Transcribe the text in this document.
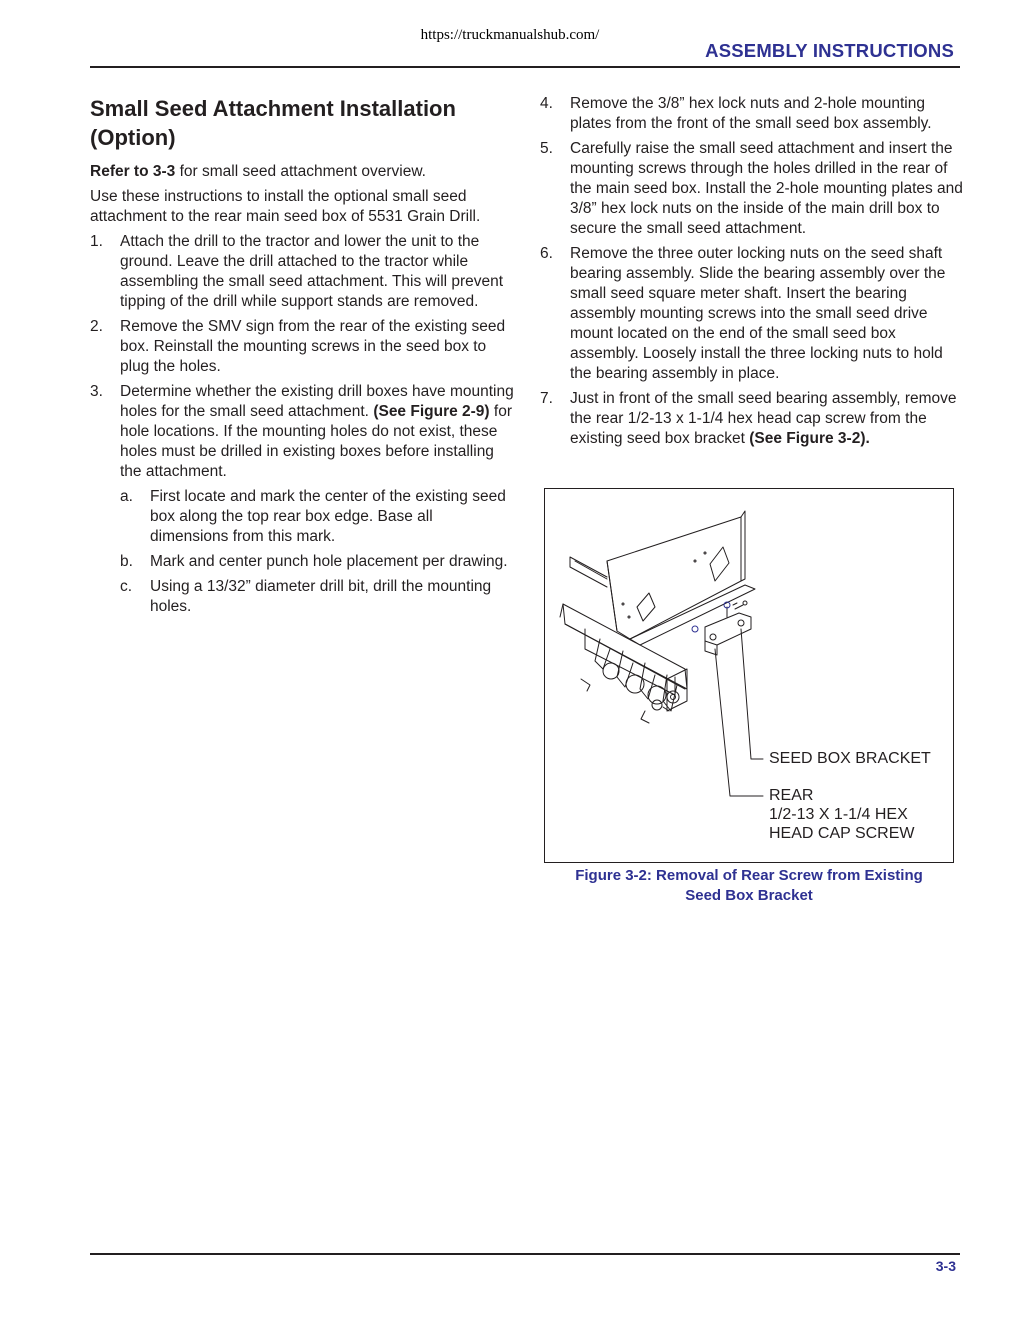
https://truckmanualshub.com/
ASSEMBLY INSTRUCTIONS
Small Seed Attachment Installation (Option)

Refer to 3-3 for small seed attachment overview.

Use these instructions to install the optional small seed attachment to the rear main seed box of 5531 Grain Drill.

1. Attach the drill to the tractor and lower the unit to the ground. Leave the drill attached to the tractor while assembling the small seed attachment. This will prevent tipping of the drill while support stands are removed.
2. Remove the SMV sign from the rear of the existing seed box. Reinstall the mounting screws in the seed box to plug the holes.
3. Determine whether the existing drill boxes have mounting holes for the small seed attachment. (See Figure 2-9) for hole locations. If the mounting holes do not exist, these holes must be drilled in existing boxes before installing the attachment.
a. First locate and mark the center of the existing seed box along the top rear box edge. Base all dimensions from this mark.
b. Mark and center punch hole placement per drawing.
c. Using a 13/32” diameter drill bit, drill the mounting holes.
4. Remove the 3/8” hex lock nuts and 2-hole mounting plates from the front of the small seed box assembly.
5. Carefully raise the small seed attachment and insert the mounting screws through the holes drilled in the rear of the main seed box. Install the 2-hole mounting plates and 3/8” hex lock nuts on the inside of the main drill box to secure the small seed attachment.
6. Remove the three outer locking nuts on the seed shaft bearing assembly. Slide the bearing assembly over the small seed square meter shaft. Insert the bearing assembly mounting screws into the small seed drive mount located on the end of the small seed box assembly. Loosely install the three locking nuts to hold the bearing assembly in place.
7. Just in front of the small seed bearing assembly, remove the rear 1/2-13 x 1-1/4 hex head cap screw from the existing seed box bracket (See Figure 3-2).
SEED BOX BRACKET
REAR
1/2-13 X 1-1/4 HEX
HEAD CAP SCREW
Figure 3-2: Removal of Rear Screw from Existing
Seed Box Bracket
3-3
